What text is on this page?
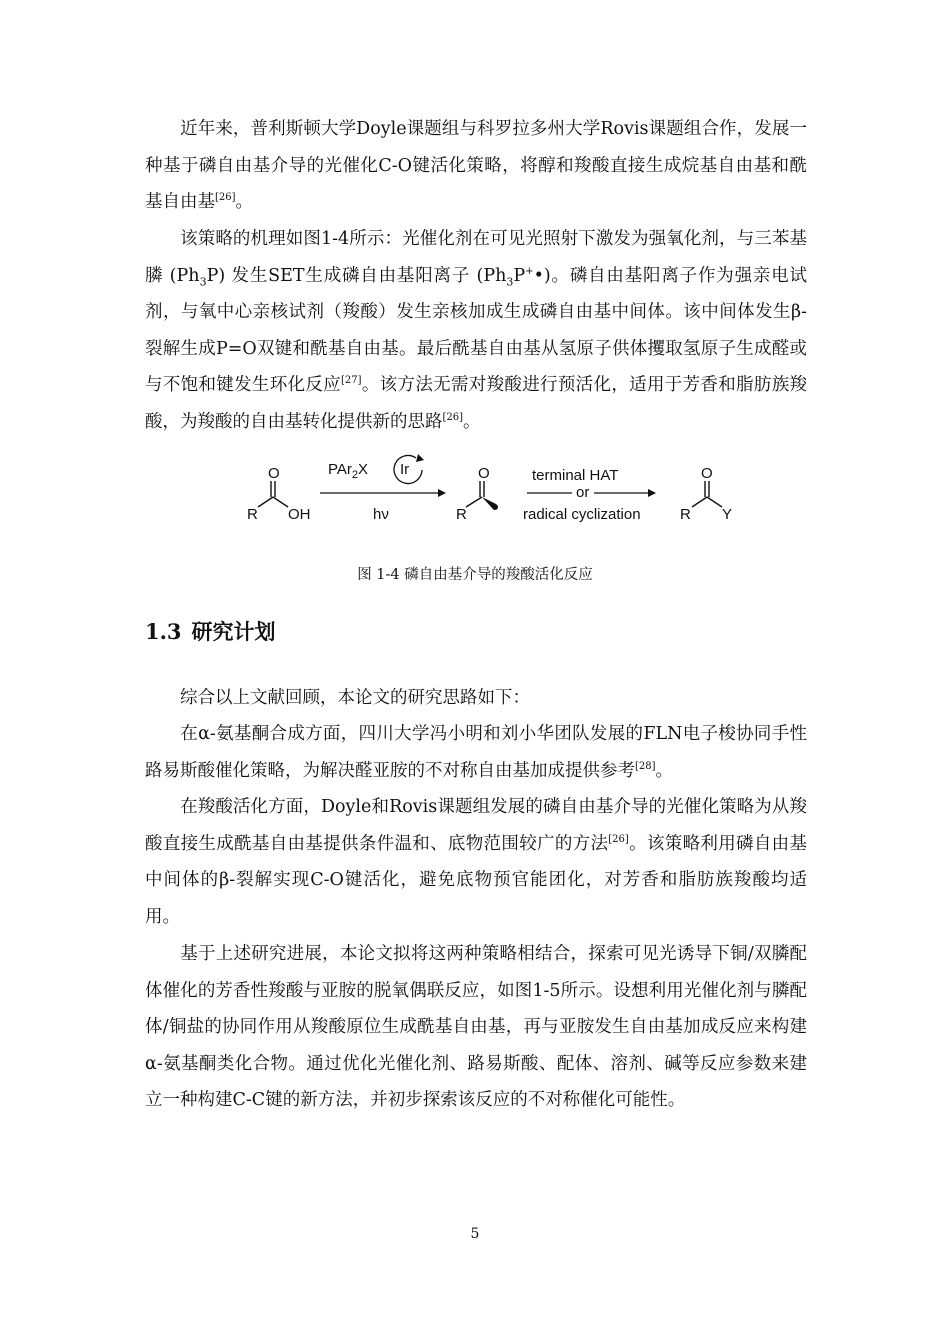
近年来，普利斯顿大学Doyle课题组与科罗拉多州大学Rovis课题组合作，发展一种基于磷自由基介导的光催化C-O键活化策略，将醇和羧酸直接生成烷基自由基和酰基自由基[26]。

该策略的机理如图1-4所示：光催化剂在可见光照射下激发为强氧化剂，与三苯基膦 $(Ph_3P)$ 发生SET生成磷自由基阳离子 $(Ph_3P^+•)$。磷自由基阳离子作为强亲电试剂，与氧中心亲核试剂（羧酸）发生亲核加成生成磷自由基中间体。该中间体发生β-裂解生成P=O双键和酰基自由基。最后酰基自由基从氢原子供体攫取氢原子生成醛或与不饱和键发生环化反应[27]。该方法无需对羧酸进行预活化，适用于芳香和脂肪族羧酸，为羧酸的自由基转化提供新的思路[26]。

O
R OH
PAr$_2$X Ir
hν
O
R
terminal HAT
or
radical cyclization
O
R Y
图 1-4 磷自由基介导的羧酸活化反应
1.3 研究计划

综合以上文献回顾，本论文的研究思路如下：

在α-氨基酮合成方面，四川大学冯小明和刘小华团队发展的FLN电子梭协同手性路易斯酸催化策略，为解决醛亚胺的不对称自由基加成提供参考[28]。

在羧酸活化方面，Doyle和Rovis课题组发展的磷自由基介导的光催化策略为从羧酸直接生成酰基自由基提供条件温和、底物范围较广的方法[26]。该策略利用磷自由基中间体的β-裂解实现C-O键活化，避免底物预官能团化，对芳香和脂肪族羧酸均适用。

基于上述研究进展，本论文拟将这两种策略相结合，探索可见光诱导下铜/双膦配体催化的芳香性羧酸与亚胺的脱氧偶联反应，如图1-5所示。设想利用光催化剂与膦配体/铜盐的协同作用从羧酸原位生成酰基自由基，再与亚胺发生自由基加成反应来构建α-氨基酮类化合物。通过优化光催化剂、路易斯酸、配体、溶剂、碱等反应参数来建立一种构建C-C键的新方法，并初步探索该反应的不对称催化可能性。

5
